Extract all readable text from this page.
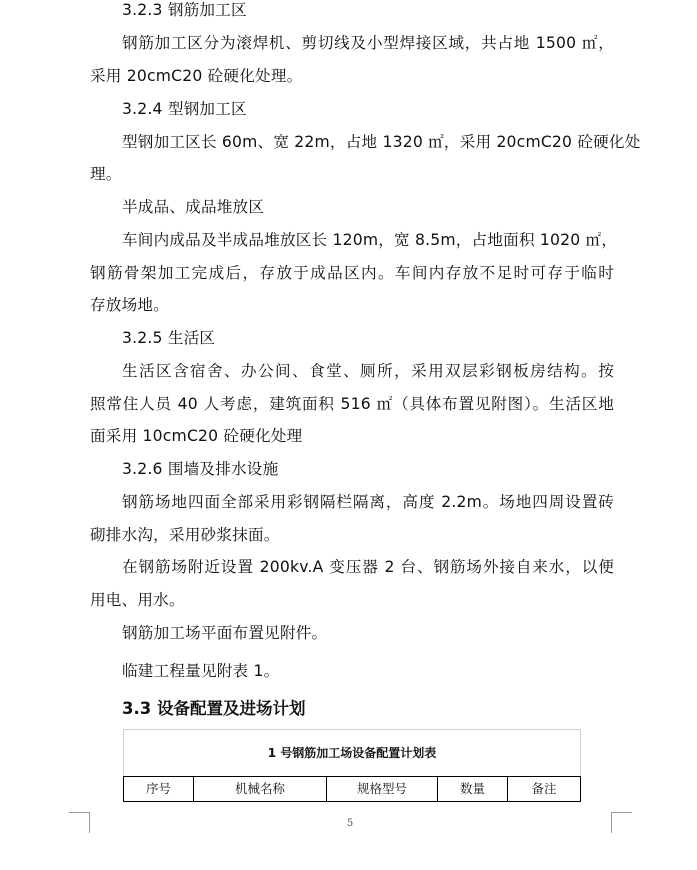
3.2.3 钢筋加工区
钢筋加工区分为滚焊机、剪切线及小型焊接区域，共占地 1500 ㎡，
采用 20cmC20 砼硬化处理。
3.2.4 型钢加工区
型钢加工区长 60m、宽 22m，占地 1320 ㎡，采用 20cmC20 砼硬化处
理。
半成品、成品堆放区
车间内成品及半成品堆放区长 120m，宽 8.5m，占地面积 1020 ㎡，
钢筋骨架加工完成后，存放于成品区内。车间内存放不足时可存于临时
存放场地。
3.2.5 生活区
生活区含宿舍、办公间、食堂、厕所，采用双层彩钢板房结构。按
照常住人员 40 人考虑，建筑面积 516 ㎡（具体布置见附图）。生活区地
面采用 10cmC20 砼硬化处理
3.2.6 围墙及排水设施
钢筋场地四面全部采用彩钢隔栏隔离，高度 2.2m。场地四周设置砖
砌排水沟，采用砂浆抹面。
在钢筋场附近设置 200kv.A 变压器 2 台、钢筋场外接自来水，以便
用电、用水。
钢筋加工场平面布置见附件。
临建工程量见附表 1。
3.3 设备配置及进场计划
1 号钢筋加工场设备配置计划表
序号	机械名称	规格型号	数量	备注
5
